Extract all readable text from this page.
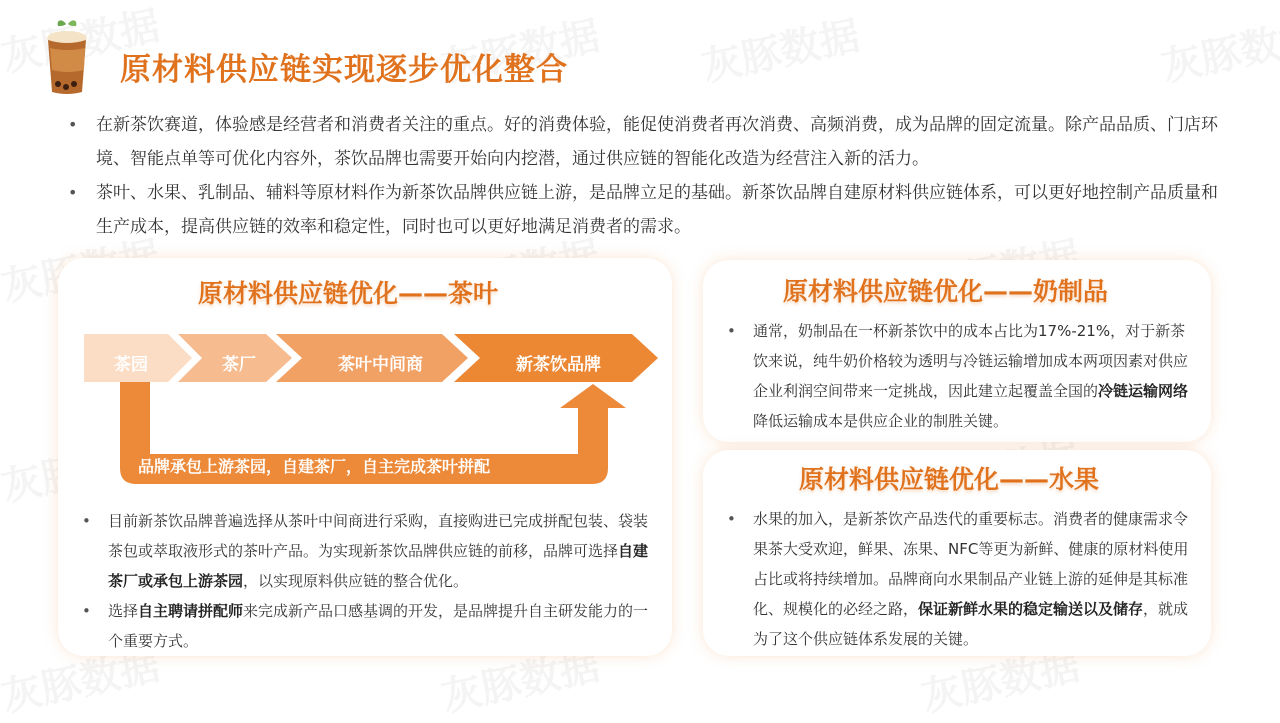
原材料供应链实现逐步优化整合
• 在新茶饮赛道，体验感是经营者和消费者关注的重点。好的消费体验，能促使消费者再次消费、高频消费，成为品牌的固定流量。除产品品质、门店环境、智能点单等可优化内容外，茶饮品牌也需要开始向内挖潜，通过供应链的智能化改造为经营注入新的活力。
• 茶叶、水果、乳制品、辅料等原材料作为新茶饮品牌供应链上游，是品牌立足的基础。新茶饮品牌自建原材料供应链体系，可以更好地控制产品质量和生产成本，提高供应链的效率和稳定性，同时也可以更好地满足消费者的需求。
原材料供应链优化——茶叶
茶园	茶厂	茶叶中间商	新茶饮品牌
品牌承包上游茶园，自建茶厂，自主完成茶叶拼配
• 目前新茶饮品牌普遍选择从茶叶中间商进行采购，直接购进已完成拼配包装、袋装茶包或萃取液形式的茶叶产品。为实现新茶饮品牌供应链的前移，品牌可选择自建茶厂或承包上游茶园，以实现原料供应链的整合优化。
• 选择自主聘请拼配师来完成新产品口感基调的开发，是品牌提升自主研发能力的一个重要方式。
原材料供应链优化——奶制品
• 通常，奶制品在一杯新茶饮中的成本占比为17%-21%，对于新茶饮来说，纯牛奶价格较为透明与冷链运输增加成本两项因素对供应企业利润空间带来一定挑战，因此建立起覆盖全国的冷链运输网络降低运输成本是供应企业的制胜关键。
原材料供应链优化——水果
• 水果的加入，是新茶饮产品迭代的重要标志。消费者的健康需求令果茶大受欢迎，鲜果、冻果、NFC等更为新鲜、健康的原材料使用占比或将持续增加。品牌商向水果制品产业链上游的延伸是其标准化、规模化的必经之路，保证新鲜水果的稳定输送以及储存，就成为了这个供应链体系发展的关键。
